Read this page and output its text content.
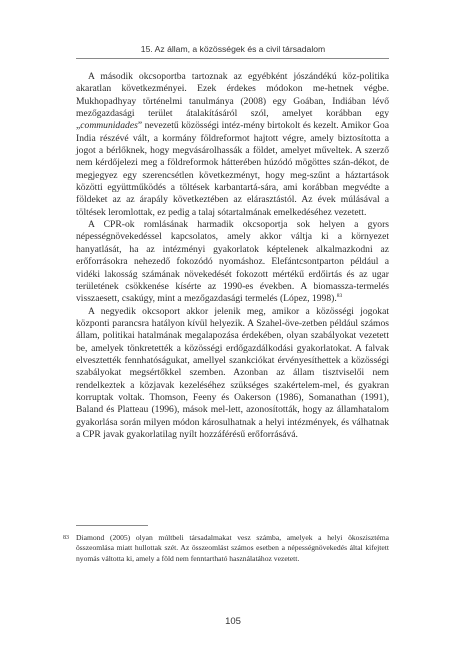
15. Az állam, a közösségek és a civil társadalom

A második okcsoportba tartoznak az egyébként jószándékú köz-politika akaratlan következményei. Ezek érdekes módokon me-hetnek végbe. Mukhopadhyay történelmi tanulmánya (2008) egy Goában, Indiában lévő mezőgazdasági terület átalakításáról szól, amelyet korábban egy „communidades” nevezetű közösségi intéz-mény birtokolt és kezelt. Amikor Goa India részévé vált, a kormány földreformot hajtott végre, amely biztosította a jogot a bérlőknek, hogy megvásárolhassák a földet, amelyet műveltek. A szerző nem kérdőjelezi meg a földreformok hátterében húzódó mögöttes szán-dékot, de megjegyez egy szerencsétlen következményt, hogy meg-szűnt a háztartások közötti együttműködés a töltések karbantartá-sára, ami korábban megvédte a földeket az az árapály következtében az elárasztástól. Az évek múlásával a töltések leromlottak, ez pedig a talaj sótartalmának emelkedéséhez vezetett.

A CPR-ok romlásának harmadik okcsoportja sok helyen a gyors népességnövekedéssel kapcsolatos, amely akkor váltja ki a környezet hanyatlását, ha az intézményi gyakorlatok képtelenek alkalmazkodni az erőforrásokra nehezedő fokozódó nyomáshoz. Elefántcsontparton például a vidéki lakosság számának növekedését fokozott mértékű erdőirtás és az ugar területének csökkenése kísérte az 1990-es években. A biomassza-termelés visszaesett, csakúgy, mint a mezőgazdasági termelés (López, 1998).$^{83}$

A negyedik okcsoport akkor jelenik meg, amikor a közösségi jogokat központi parancsra hatályon kívül helyezik. A Szahel-öve-zetben például számos állam, politikai hatalmának megalapozása érdekében, olyan szabályokat vezetett be, amelyek tönkretették a közösségi erdőgazdálkodási gyakorlatokat. A falvak elvesztették fennhatóságukat, amellyel szankciókat érvényesíthettek a közösségi szabályokat megsértőkkel szemben. Azonban az állam tisztviselői nem rendelkeztek a közjavak kezeléséhez szükséges szakértelem-mel, és gyakran korruptak voltak. Thomson, Feeny és Oakerson (1986), Somanathan (1991), Baland és Platteau (1996), mások mel-lett, azonosították, hogy az államhatalom gyakorlása során milyen módon károsulhatnak a helyi intézmények, és válhatnak a CPR javak gyakorlatilag nyílt hozzáférésű erőforrásává.

83 Diamond (2005) olyan múltbeli társadalmakat vesz számba, amelyek a helyi ökoszisztéma összeomlása miatt hullottak szét. Az összeomlást számos esetben a népességnövekedés által kifejtett nyomás váltotta ki, amely a föld nem fenntartható használatához vezetett.
105
